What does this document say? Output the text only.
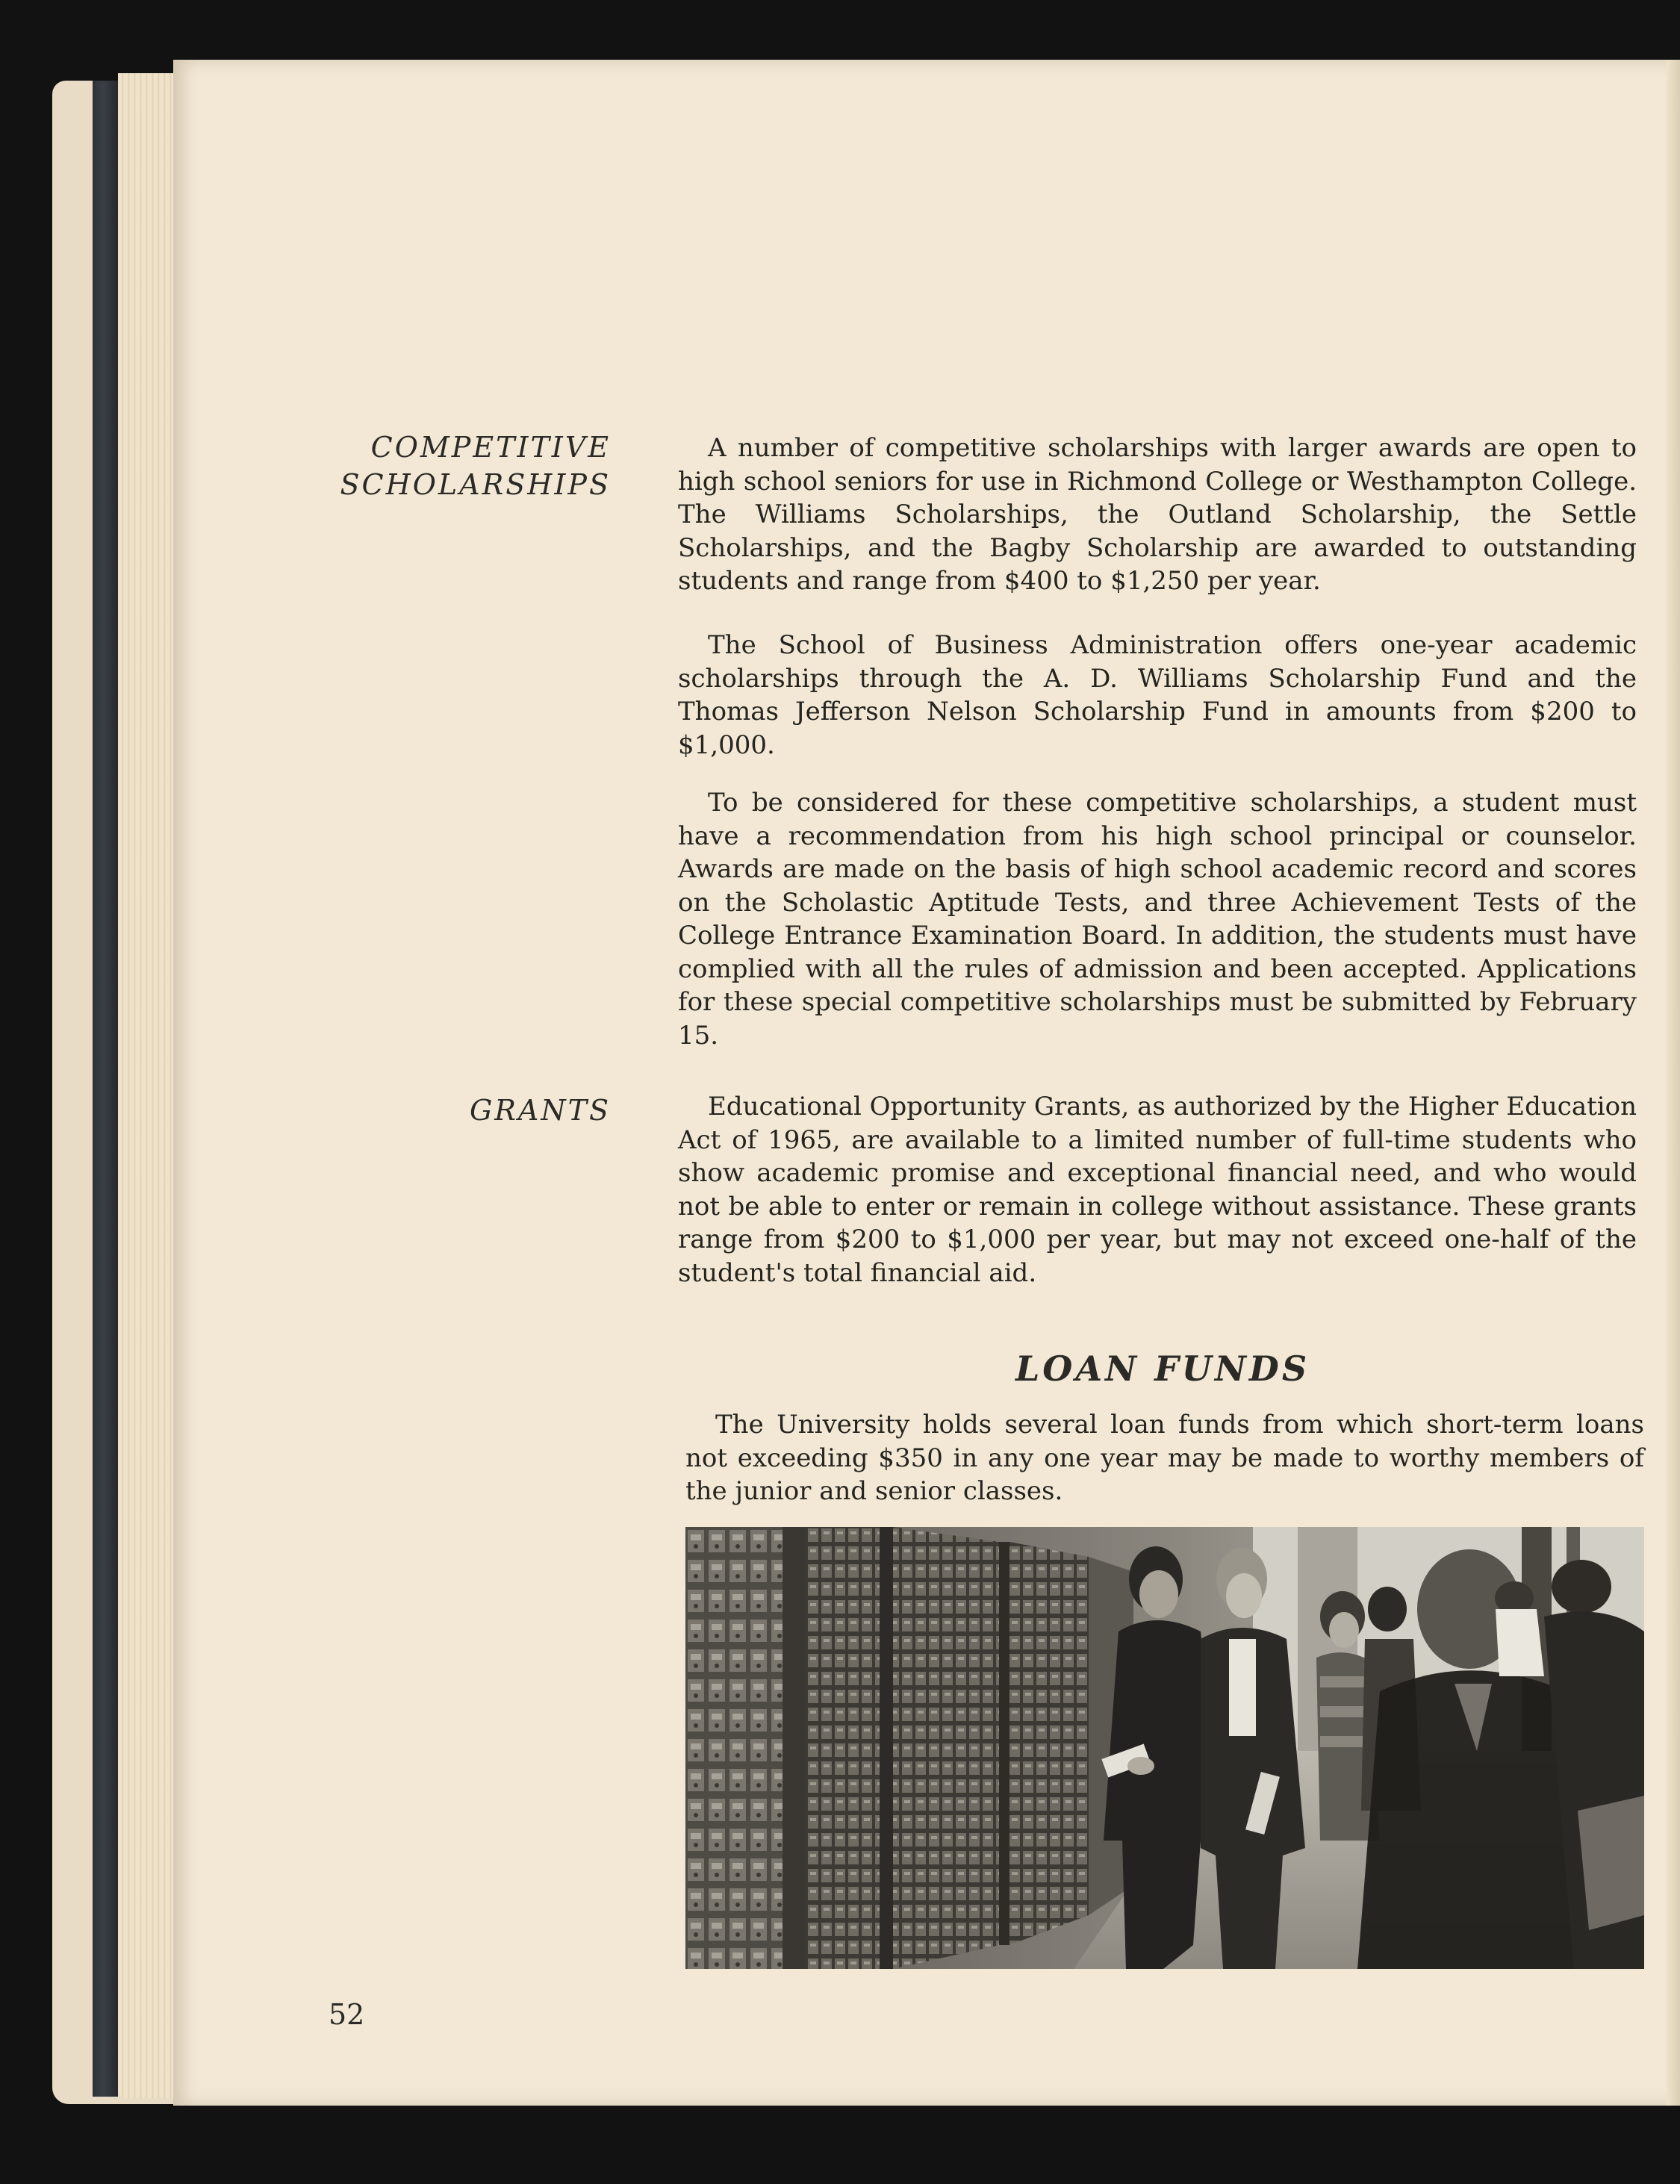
COMPETITIVE
SCHOLARSHIPS

A number of competitive scholarships with larger awards are open to high school seniors for use in Richmond College or Westhampton College. The Williams Scholarships, the Outland Scholarship, the Settle Scholarships, and the Bagby Scholarship are awarded to outstanding students and range from $400 to $1,250 per year.

The School of Business Administration offers one-year academic scholarships through the A. D. Williams Scholarship Fund and the Thomas Jefferson Nelson Scholarship Fund in amounts from $200 to $1,000.

To be considered for these competitive scholarships, a student must have a recommendation from his high school principal or counselor. Awards are made on the basis of high school academic record and scores on the Scholastic Aptitude Tests, and three Achievement Tests of the College Entrance Examination Board. In addition, the students must have complied with all the rules of admission and been accepted. Applications for these special competitive scholarships must be submitted by February 15.

GRANTS	Educational Opportunity Grants, as authorized by the Higher Education Act of 1965, are available to a limited number of full-time students who show academic promise and exceptional financial need, and who would not be able to enter or remain in college without assistance. These grants range from $200 to $1,000 per year, but may not exceed one-half of the student's total financial aid.

LOAN FUNDS

The University holds several loan funds from which short-term loans not exceeding $350 in any one year may be made to worthy members of the junior and senior classes.

52
